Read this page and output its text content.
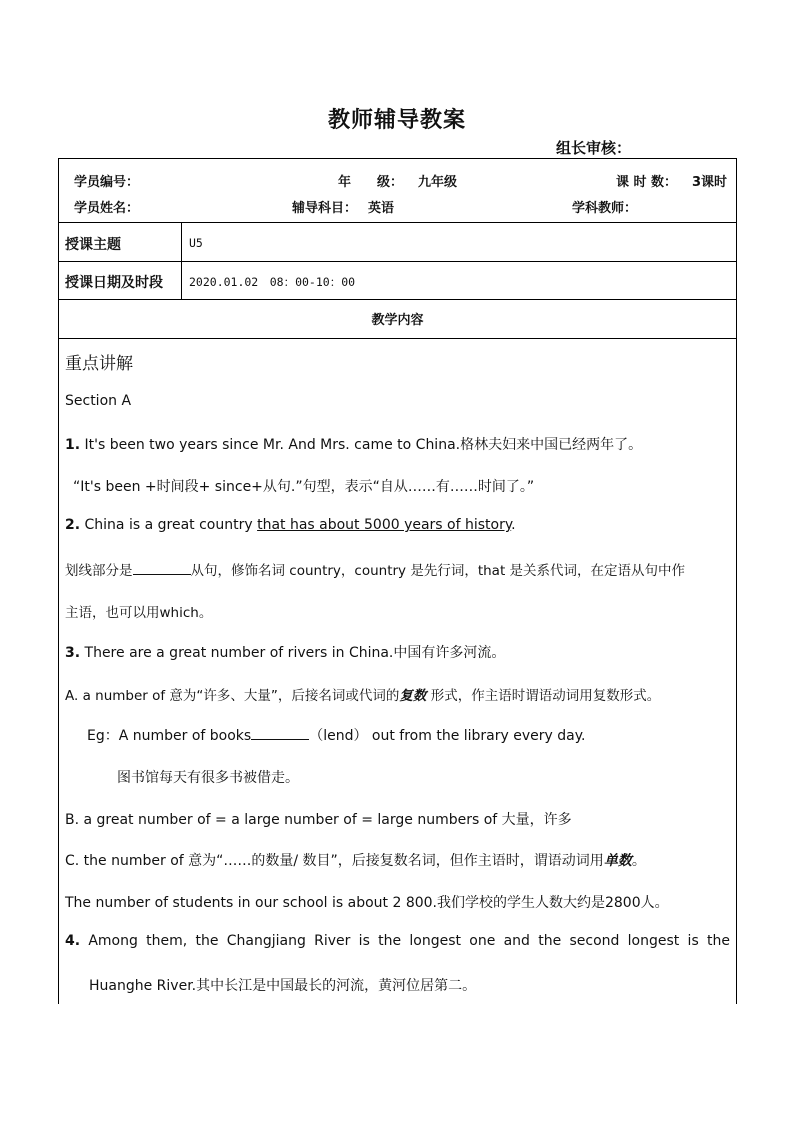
教师辅导教案
组长审核：
学员编号：	年　　级： 九年级	课 时 数： 3课时
学员姓名：	辅导科目： 英语	学科教师：
授课主题	U5
授课日期及时段 2020.01.02　08：00-10：00
教学内容
重点讲解
Section A
1. It's been two years since Mr. And Mrs. came to China.格林夫妇来中国已经两年了。
“It's been +时间段+ since+从句.”句型，表示“自从……有……时间了。”
2. China is a great country that has about 5000 years of history.
划线部分是	从句，修饰名词 country，country 是先行词，that 是关系代词，在定语从句中作
主语，也可以用which。
3. There are a great number of rivers in China.中国有许多河流。
A. a number of 意为“许多、大量”，后接名词或代词的复数 形式，作主语时谓语动词用复数形式。
Eg：A number of books	（lend） out from the library every day.
图书馆每天有很多书被借走。
B. a great number of = a large number of = large numbers of 大量，许多
C. the number of 意为“……的数量/ 数目”，后接复数名词，但作主语时，谓语动词用单数。
The number of students in our school is about 2 800.我们学校的学生人数大约是2800人。
4. Among them, the Changjiang River is the longest one and the second longest is the
Huanghe River.其中长江是中国最长的河流，黄河位居第二。
